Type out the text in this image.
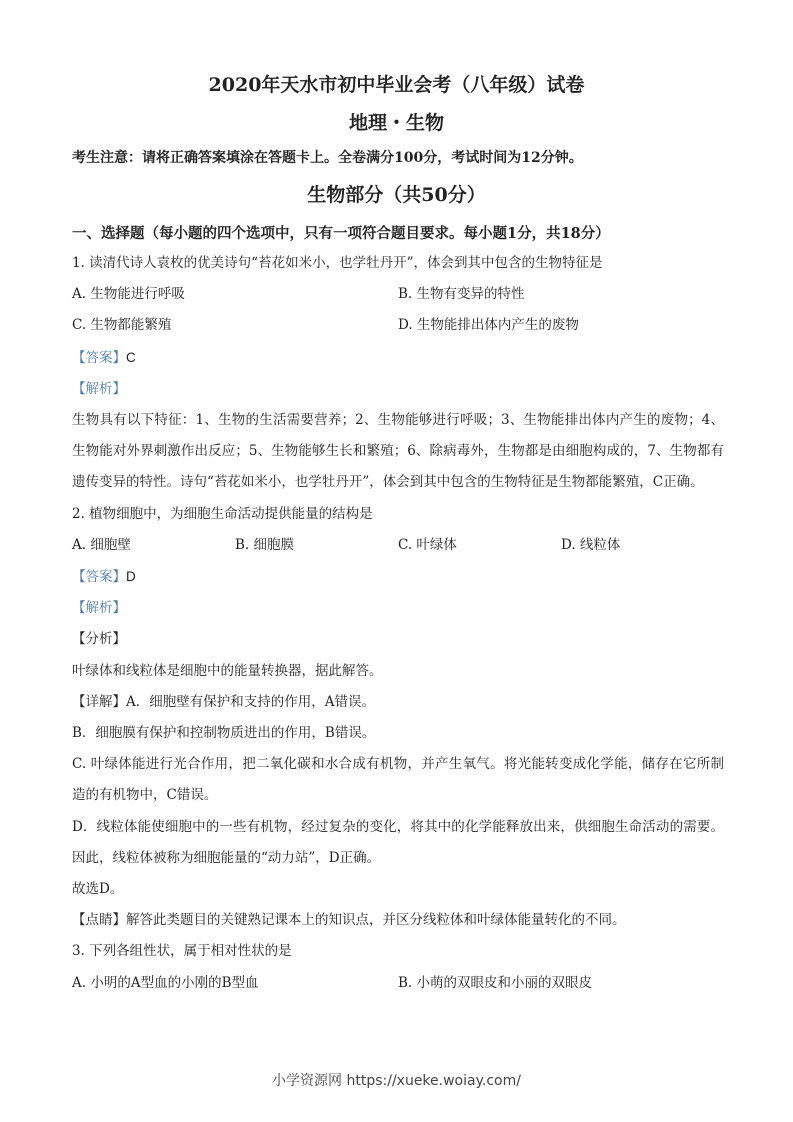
2020年天水市初中毕业会考（八年级）试卷
地理・生物
考生注意：请将正确答案填涂在答题卡上。全卷满分100分，考试时间为12分钟。
生物部分（共50分）
一、选择题（每小题的四个选项中，只有一项符合题目要求。每小题1分，共18分）
1. 读清代诗人袁枚的优美诗句“苔花如米小，也学牡丹开”，体会到其中包含的生物特征是
A. 生物能进行呼吸	B. 生物有变异的特性
C. 生物都能繁殖	D. 生物能排出体内产生的废物
【答案】C
【解析】
生物具有以下特征：1、生物的生活需要营养；2、生物能够进行呼吸；3、生物能排出体内产生的废物；4、生物能对外界刺激作出反应；5、生物能够生长和繁殖；6、除病毒外，生物都是由细胞构成的，7、生物都有遗传变异的特性。诗句“苔花如米小，也学牡丹开”，体会到其中包含的生物特征是生物都能繁殖，C正确。
2. 植物细胞中，为细胞生命活动提供能量的结构是
A. 细胞壁	B. 细胞膜	C. 叶绿体	D. 线粒体
【答案】D
【解析】
【分析】
叶绿体和线粒体是细胞中的能量转换器，据此解答。
【详解】A．细胞壁有保护和支持的作用，A错误。
B．细胞膜有保护和控制物质进出的作用，B错误。
C. 叶绿体能进行光合作用，把二氧化碳和水合成有机物，并产生氧气。将光能转变成化学能，储存在它所制造的有机物中，C错误。
D．线粒体能使细胞中的一些有机物，经过复杂的变化，将其中的化学能释放出来，供细胞生命活动的需要。因此，线粒体被称为细胞能量的“动力站”，D正确。
故选D。
【点睛】解答此类题目的关键熟记课本上的知识点，并区分线粒体和叶绿体能量转化的不同。
3. 下列各组性状，属于相对性状的是
A. 小明的A型血的小刚的B型血	B. 小萌的双眼皮和小丽的双眼皮
小学资源网 https://xueke.woiay.com/
